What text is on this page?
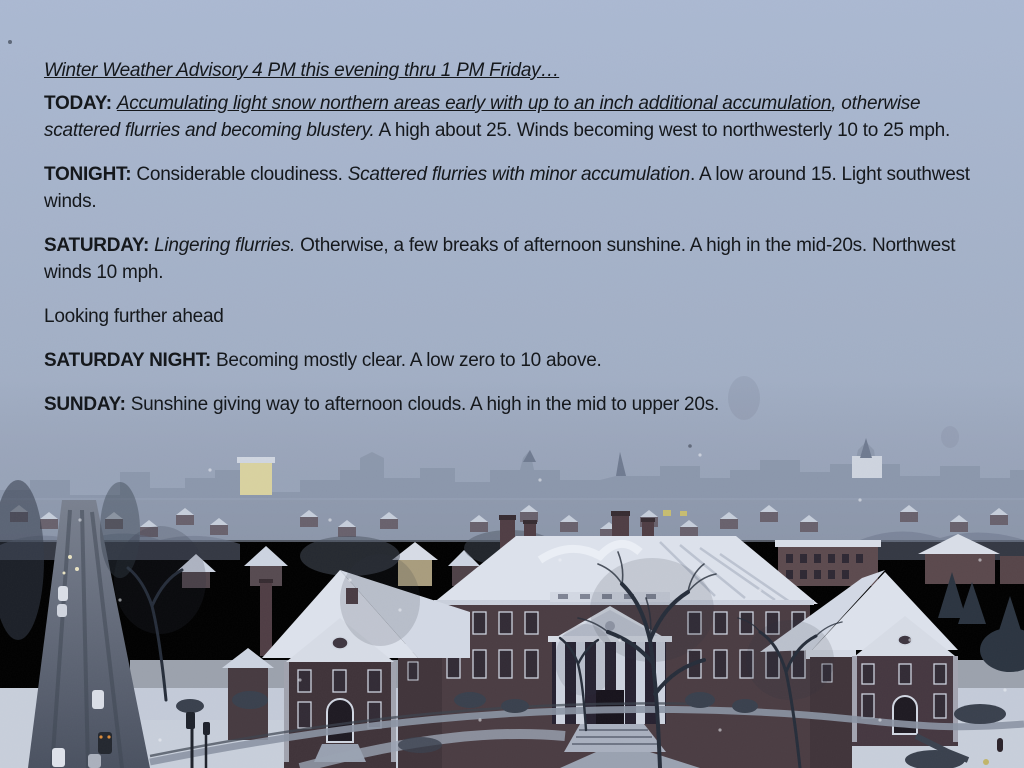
Winter Weather Advisory 4 PM this evening thru 1 PM Friday…

TODAY: Accumulating light snow northern areas early with up to an inch additional accumulation, otherwise scattered flurries and becoming blustery. A high about 25. Winds becoming west to northwesterly 10 to 25 mph.

TONIGHT: Considerable cloudiness. Scattered flurries with minor accumulation. A low around 15. Light southwest winds.

SATURDAY: Lingering flurries. Otherwise, a few breaks of afternoon sunshine. A high in the mid-20s. Northwest winds 10 mph.

Looking further ahead

SATURDAY NIGHT: Becoming mostly clear. A low zero to 10 above.

SUNDAY: Sunshine giving way to afternoon clouds. A high in the mid to upper 20s.
